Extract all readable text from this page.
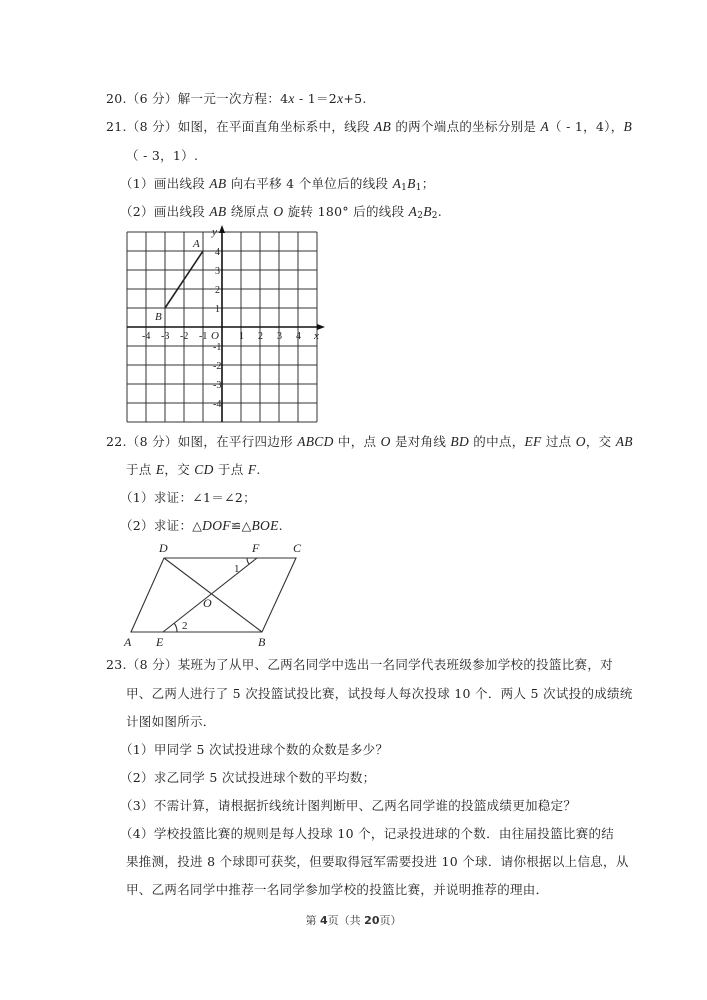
20.（6 分）解一元一次方程：4x - 1＝2x+5.
21.（8 分）如图，在平面直角坐标系中，线段 AB 的两个端点的坐标分别是 A（ - 1，4），B
（ - 3，1）.
（1）画出线段 AB 向右平移 4 个单位后的线段 $A_1B_1$；
（2）画出线段 AB 绕原点 O 旋转 180° 后的线段 $A_2B_2$.
-4 -3 -2 -1	1 2 3 4
4
3
2
1
-1
-2
-3
-4
A
B
x
y
O
22.（8 分）如图，在平行四边形 ABCD 中，点 O 是对角线 BD 的中点，EF 过点 O，交 AB
于点 E，交 CD 于点 F.
（1）求证：∠1＝∠2；
（2）求证：△DOF≌△BOE.
D	F	C
A E	B
O
1
2
23.（8 分）某班为了从甲、乙两名同学中选出一名同学代表班级参加学校的投篮比赛，对
甲、乙两人进行了 5 次投篮试投比赛，试投每人每次投球 10 个．两人 5 次试投的成绩统
计图如图所示．
（1）甲同学 5 次试投进球个数的众数是多少？
（2）求乙同学 5 次试投进球个数的平均数；
（3）不需计算，请根据折线统计图判断甲、乙两名同学谁的投篮成绩更加稳定？
（4）学校投篮比赛的规则是每人投球 10 个，记录投进球的个数．由往届投篮比赛的结
果推测，投进 8 个球即可获奖，但要取得冠军需要投进 10 个球．请你根据以上信息，从
甲、乙两名同学中推荐一名同学参加学校的投篮比赛，并说明推荐的理由．
第 4页（共 20页）
